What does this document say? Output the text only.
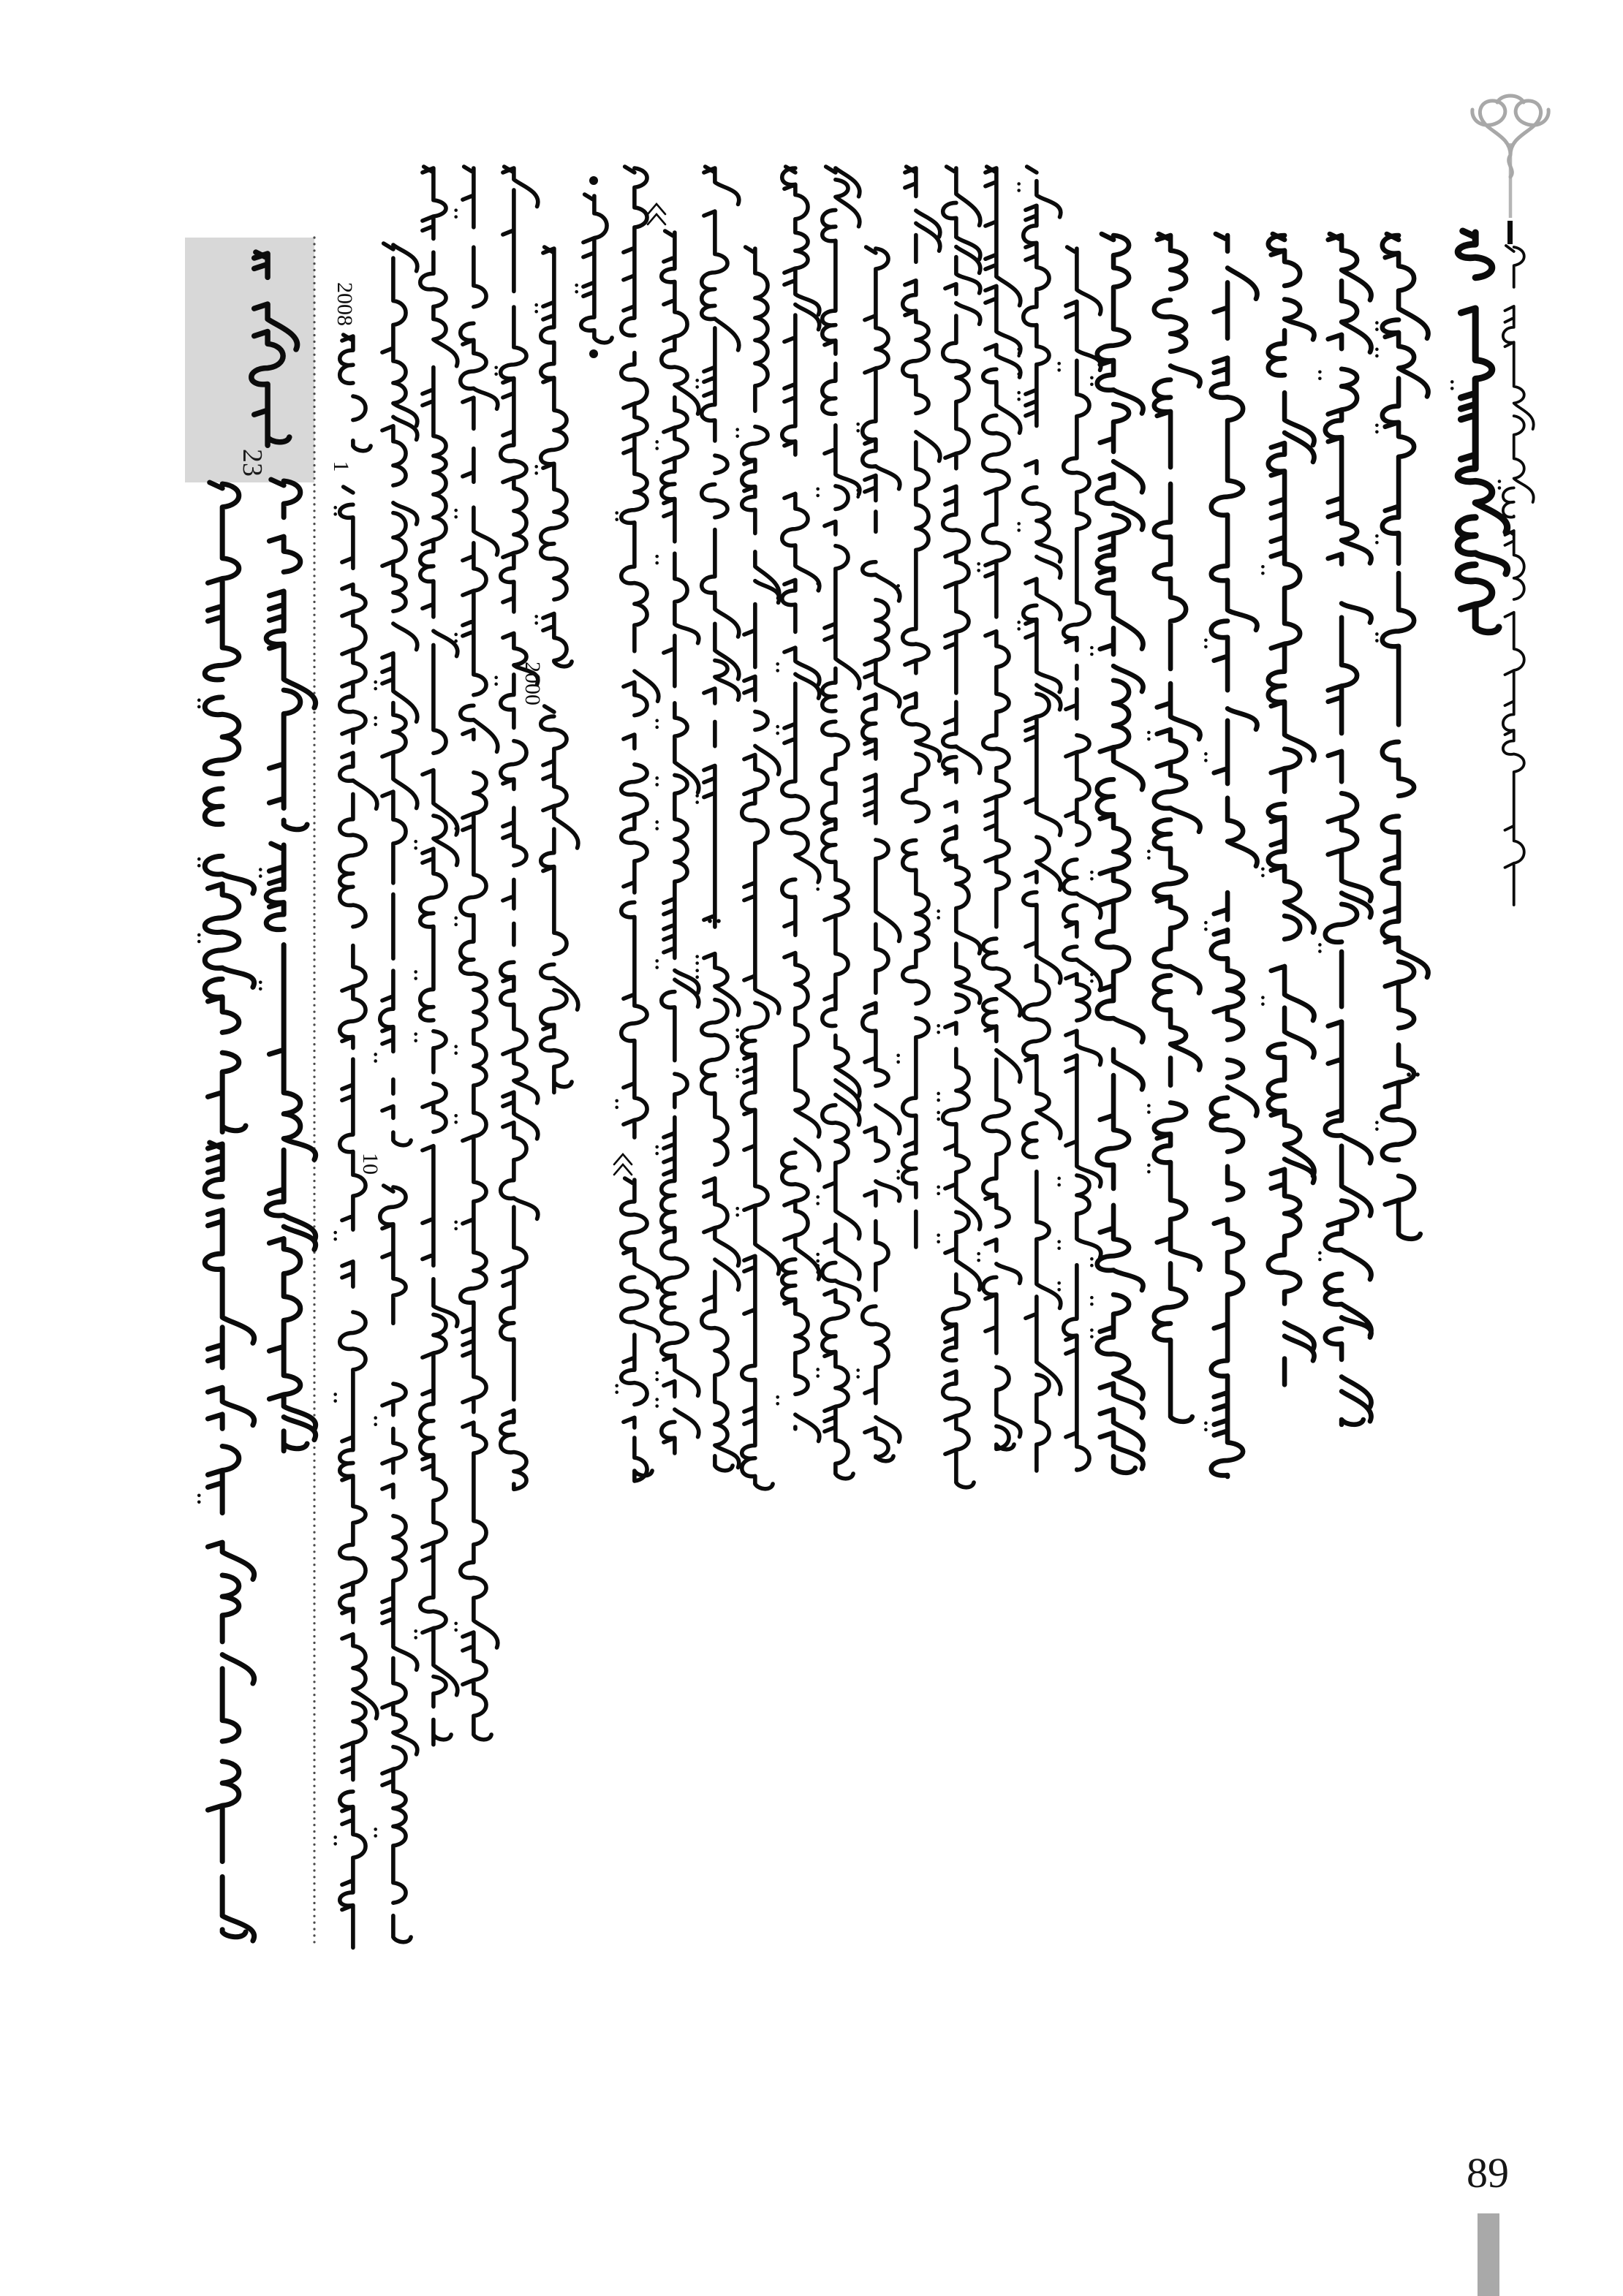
89
23
2008
1
2000
10
